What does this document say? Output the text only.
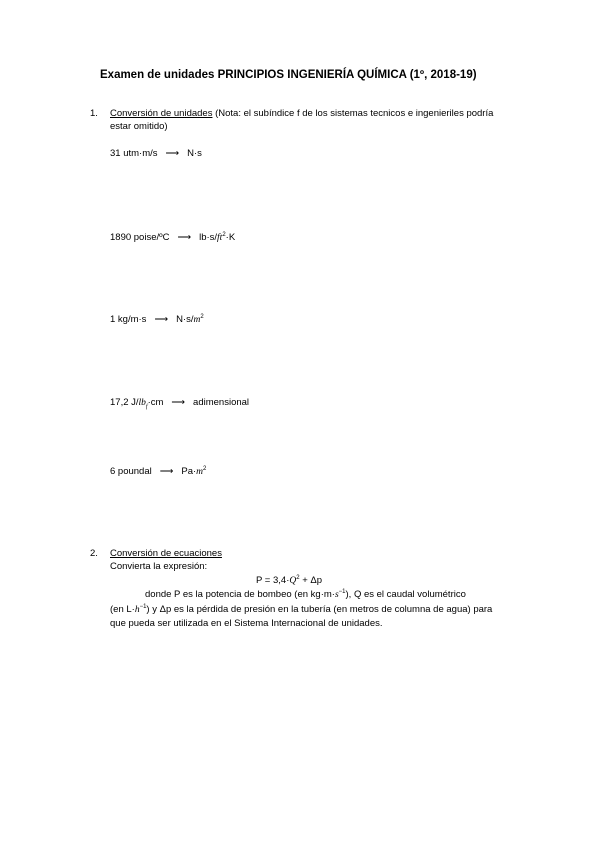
Examen de unidades PRINCIPIOS INGENIERÍA QUÍMICA (1º, 2018-19)
1. Conversión de unidades (Nota: el subíndice f de los sistemas tecnicos e ingenieriles podría
estar omitido)
31 utm·m/s ⟶ N·s
1890 poise/ºC ⟶ $lb\cdot s/ft^2\cdot K$
1 kg/m·s ⟶ $N\cdot s/m^2$
17,2 $J/lb_f\cdot cm$ ⟶ adimensional
6 poundal ⟶ $Pa\cdot m^2$
2. Conversión de ecuaciones
Convierta la expresión:
$P = 3,4\cdot Q^2 + \Delta p$
donde P es la potencia de bombeo (en $kg\cdot m\cdot s^{-1}$), Q es el caudal volumétrico
(en $L\cdot h^{-1}$) y Δp es la pérdida de presión en la tubería (en metros de columna de agua) para
que pueda ser utilizada en el Sistema Internacional de unidades.
